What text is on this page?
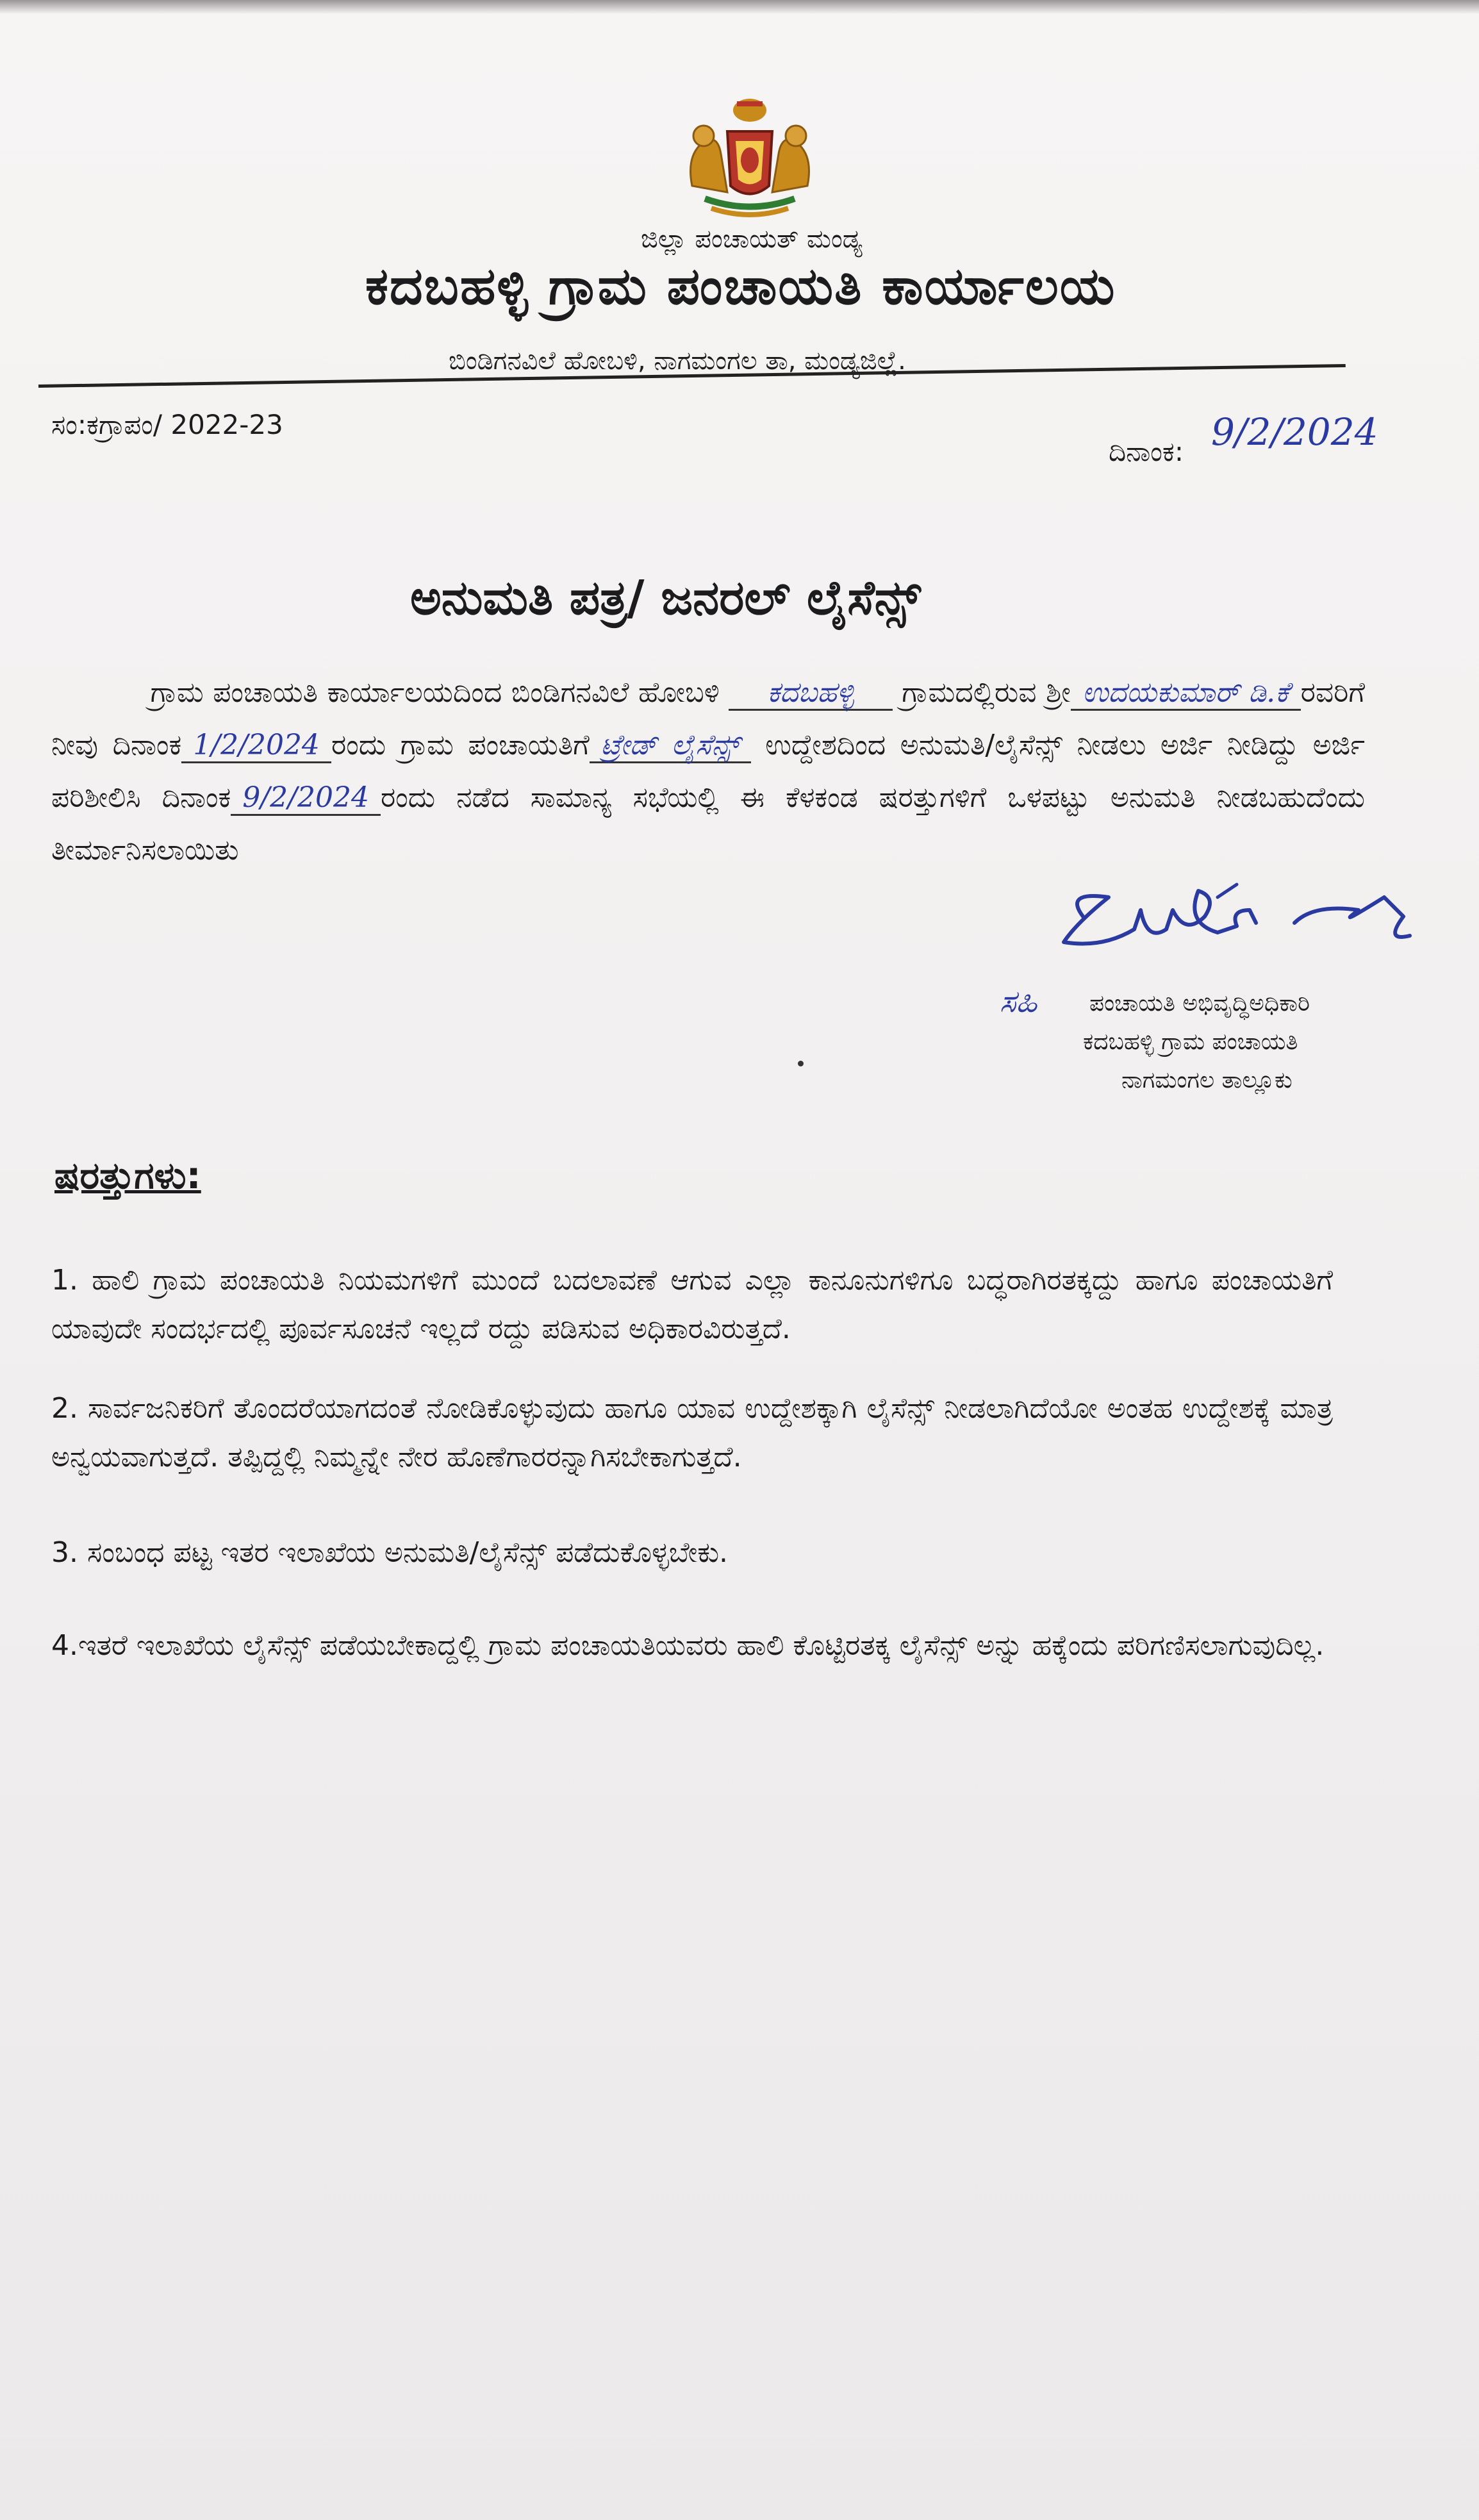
ಜಿಲ್ಲಾ ಪಂಚಾಯತ್ ಮಂಡ್ಯ
ಕದಬಹಳ್ಳಿ ಗ್ರಾಮ ಪಂಚಾಯತಿ ಕಾರ್ಯಾಲಯ
ಬಿಂಡಿಗನವಿಲೆ ಹೋಬಳಿ, ನಾಗಮಂಗಲ ತಾ, ಮಂಡ್ಯಜಿಲ್ಲೆ.
ಸಂ:ಕಗ್ರಾಪಂ/ 2022-23
ದಿನಾಂಕ: 9/2/2024
ಅನುಮತಿ ಪತ್ರ/ ಜನರಲ್ ಲೈಸೆನ್ಸ್
ಗ್ರಾಮ ಪಂಚಾಯತಿ ಕಾರ್ಯಾಲಯದಿಂದ ಬಿಂಡಿಗನವಿಲೆ ಹೋಬಳಿ ಕದಬಹಳ್ಳಿ ಗ್ರಾಮದಲ್ಲಿರುವ ಶ್ರೀ ಉದಯಕುಮಾರ್ ಡಿ.ಕೆ ರವರಿಗೆ ನೀವು ದಿನಾಂಕ 1/2/2024 ರಂದು ಗ್ರಾಮ ಪಂಚಾಯತಿಗೆ ಟ್ರೇಡ್ ಲೈಸೆನ್ಸ್ ಉದ್ದೇಶದಿಂದ ಅನುಮತಿ/ಲೈಸೆನ್ಸ್ ನೀಡಲು ಅರ್ಜಿ ನೀಡಿದ್ದು ಅರ್ಜಿ ಪರಿಶೀಲಿಸಿ ದಿನಾಂಕ 9/2/2024 ರಂದು ನಡೆದ ಸಾಮಾನ್ಯ ಸಭೆಯಲ್ಲಿ ಈ ಕೆಳಕಂಡ ಷರತ್ತುಗಳಿಗೆ ಒಳಪಟ್ಟು ಅನುಮತಿ ನೀಡಬಹುದೆಂದು ತೀರ್ಮಾನಿಸಲಾಯಿತು
ಸಹಿ ಪಂಚಾಯತಿ ಅಭಿವೃದ್ಧಿಅಧಿಕಾರಿ
ಕದಬಹಳ್ಳಿ ಗ್ರಾಮ ಪಂಚಾಯತಿ
ನಾಗಮಂಗಲ ತಾಲ್ಲೂಕು
ಷರತ್ತುಗಳು:
1. ಹಾಲಿ ಗ್ರಾಮ ಪಂಚಾಯತಿ ನಿಯಮಗಳಿಗೆ ಮುಂದೆ ಬದಲಾವಣೆ ಆಗುವ ಎಲ್ಲಾ ಕಾನೂನುಗಳಿಗೂ ಬದ್ಧರಾಗಿರತಕ್ಕದ್ದು ಹಾಗೂ ಪಂಚಾಯತಿಗೆ ಯಾವುದೇ ಸಂದರ್ಭದಲ್ಲಿ ಪೂರ್ವಸೂಚನೆ ಇಲ್ಲದೆ ರದ್ದು ಪಡಿಸುವ ಅಧಿಕಾರವಿರುತ್ತದೆ.
2. ಸಾರ್ವಜನಿಕರಿಗೆ ತೊಂದರೆಯಾಗದಂತೆ ನೋಡಿಕೊಳ್ಳುವುದು ಹಾಗೂ ಯಾವ ಉದ್ದೇಶಕ್ಕಾಗಿ ಲೈಸೆನ್ಸ್ ನೀಡಲಾಗಿದೆಯೋ ಅಂತಹ ಉದ್ದೇಶಕ್ಕೆ ಮಾತ್ರ ಅನ್ವಯವಾಗುತ್ತದೆ. ತಪ್ಪಿದ್ದಲ್ಲಿ ನಿಮ್ಮನ್ನೇ ನೇರ ಹೊಣೆಗಾರರನ್ನಾಗಿಸಬೇಕಾಗುತ್ತದೆ.
3. ಸಂಬಂಧ ಪಟ್ಟ ಇತರ ಇಲಾಖೆಯ ಅನುಮತಿ/ಲೈಸೆನ್ಸ್ ಪಡೆದುಕೊಳ್ಳಬೇಕು.
4.ಇತರೆ ಇಲಾಖೆಯ ಲೈಸೆನ್ಸ್ ಪಡೆಯಬೇಕಾದ್ದಲ್ಲಿ ಗ್ರಾಮ ಪಂಚಾಯತಿಯವರು ಹಾಲಿ ಕೊಟ್ಟಿರತಕ್ಕ ಲೈಸೆನ್ಸ್ ಅನ್ನು ಹಕ್ಕೆಂದು ಪರಿಗಣಿಸಲಾಗುವುದಿಲ್ಲ.
